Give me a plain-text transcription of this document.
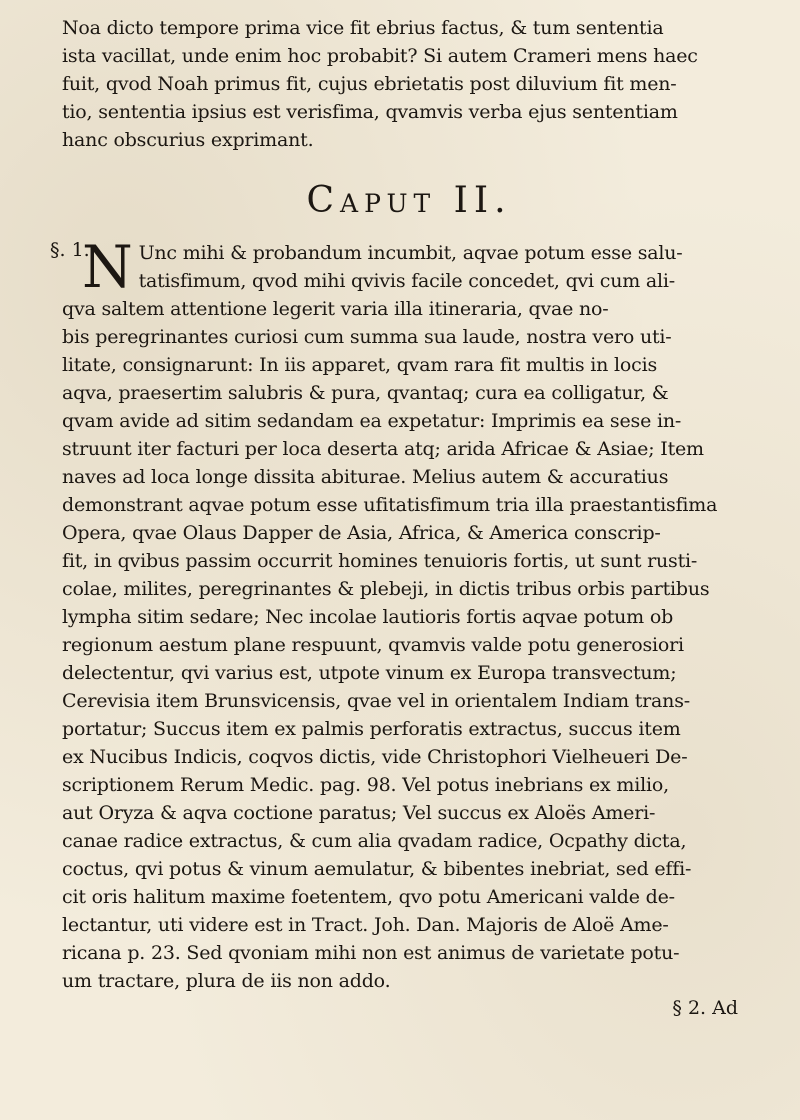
Noa dicto tempore prima vice fit ebrius factus, & tum sententia
ista vacillat, unde enim hoc probabit? Si autem Crameri mens haec
fuit, qvod Noah primus fit, cujus ebrietatis post diluvium fit men-
tio, sententia ipsius est verisfima, qvamvis verba ejus sententiam
hanc obscurius exprimant.

Caput II.
§. 1.

N Unc mihi & probandum incumbit, aqvae potum esse salu-
tatisfimum, qvod mihi qvivis facile concedet, qvi cum ali-
qva saltem attentione legerit varia illa itineraria, qvae no-

bis peregrinantes curiosi cum summa sua laude, nostra vero uti-
litate, consignarunt: In iis apparet, qvam rara fit multis in locis
aqva, praesertim salubris & pura, qvantaq; cura ea colligatur, &
qvam avide ad sitim sedandam ea expetatur: Imprimis ea sese in-
struunt iter facturi per loca deserta atq; arida Africae & Asiae; Item
naves ad loca longe dissita abiturae. Melius autem & accuratius
demonstrant aqvae potum esse ufitatisfimum tria illa praestantisfima
Opera, qvae Olaus Dapper de Asia, Africa, & America conscrip-
fit, in qvibus passim occurrit homines tenuioris fortis, ut sunt rusti-
colae, milites, peregrinantes & plebeji, in dictis tribus orbis partibus
lympha sitim sedare; Nec incolae lautioris fortis aqvae potum ob
regionum aestum plane respuunt, qvamvis valde potu generosiori
delectentur, qvi varius est, utpote vinum ex Europa transvectum;
Cerevisia item Brunsvicensis, qvae vel in orientalem Indiam trans-
portatur; Succus item ex palmis perforatis extractus, succus item
ex Nucibus Indicis, coqvos dictis, vide Christophori Vielheueri De-
scriptionem Rerum Medic. pag. 98. Vel potus inebrians ex milio,
aut Oryza & aqva coctione paratus; Vel succus ex Aloës Ameri-
canae radice extractus, & cum alia qvadam radice, Ocpathy dicta,
coctus, qvi potus & vinum aemulatur, & bibentes inebriat, sed effi-
cit oris halitum maxime foetentem, qvo potu Americani valde de-
lectantur, uti videre est in Tract. Joh. Dan. Majoris de Aloë Ame-
ricana p. 23. Sed qvoniam mihi non est animus de varietate potu-
um tractare, plura de iis non addo.

§ 2. Ad
